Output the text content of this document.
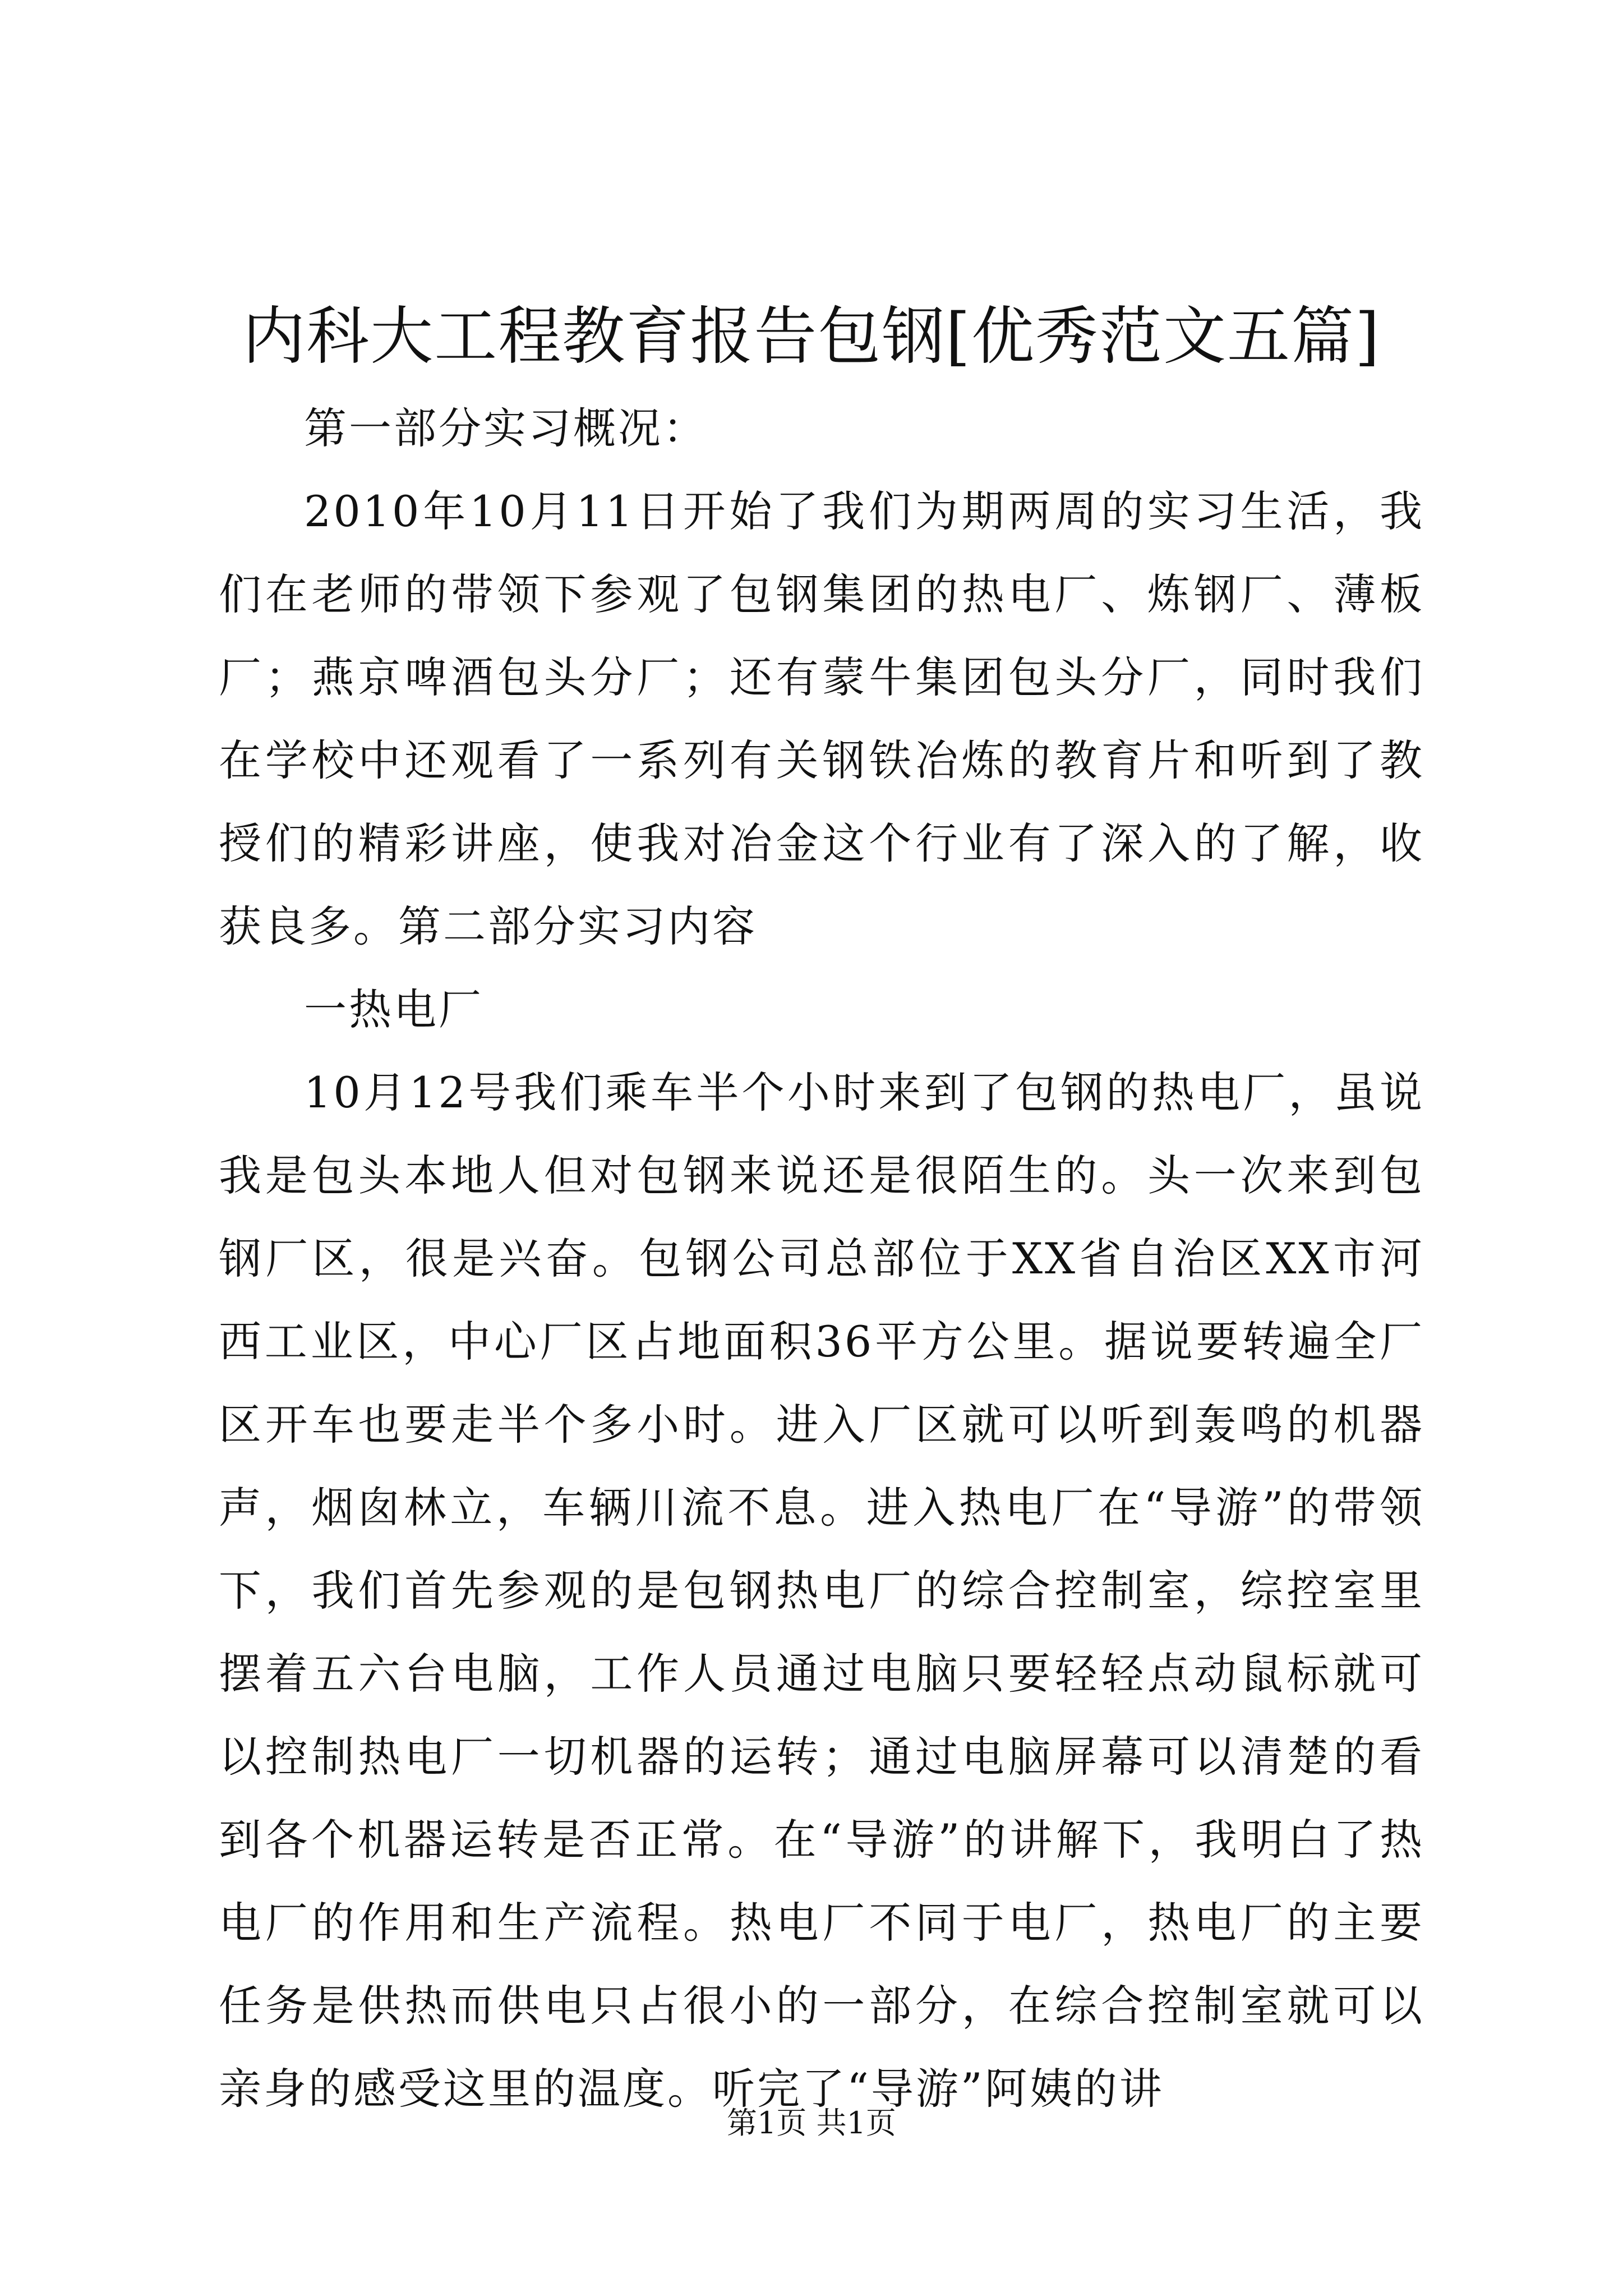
内科大工程教育报告包钢[优秀范文五篇]

第一部分实习概况：

2010年10月11日开始了我们为期两周的实习生活，我们在老师的带领下参观了包钢集团的热电厂、炼钢厂、薄板厂；燕京啤酒包头分厂；还有蒙牛集团包头分厂，同时我们在学校中还观看了一系列有关钢铁冶炼的教育片和听到了教授们的精彩讲座，使我对冶金这个行业有了深入的了解，收获良多。第二部分实习内容

一热电厂

10月12号我们乘车半个小时来到了包钢的热电厂，虽说我是包头本地人但对包钢来说还是很陌生的。头一次来到包钢厂区，很是兴奋。包钢公司总部位于XX省自治区XX市河西工业区，中心厂区占地面积36平方公里。据说要转遍全厂区开车也要走半个多小时。进入厂区就可以听到轰鸣的机器声，烟囱林立，车辆川流不息。进入热电厂在“导游”的带领下，我们首先参观的是包钢热电厂的综合控制室，综控室里摆着五六台电脑，工作人员通过电脑只要轻轻点动鼠标就可以控制热电厂一切机器的运转；通过电脑屏幕可以清楚的看到各个机器运转是否正常。在“导游”的讲解下，我明白了热电厂的作用和生产流程。热电厂不同于电厂，热电厂的主要任务是供热而供电只占很小的一部分，在综合控制室就可以亲身的感受这里的温度。听完了“导游”阿姨的讲

第1页 共1页
